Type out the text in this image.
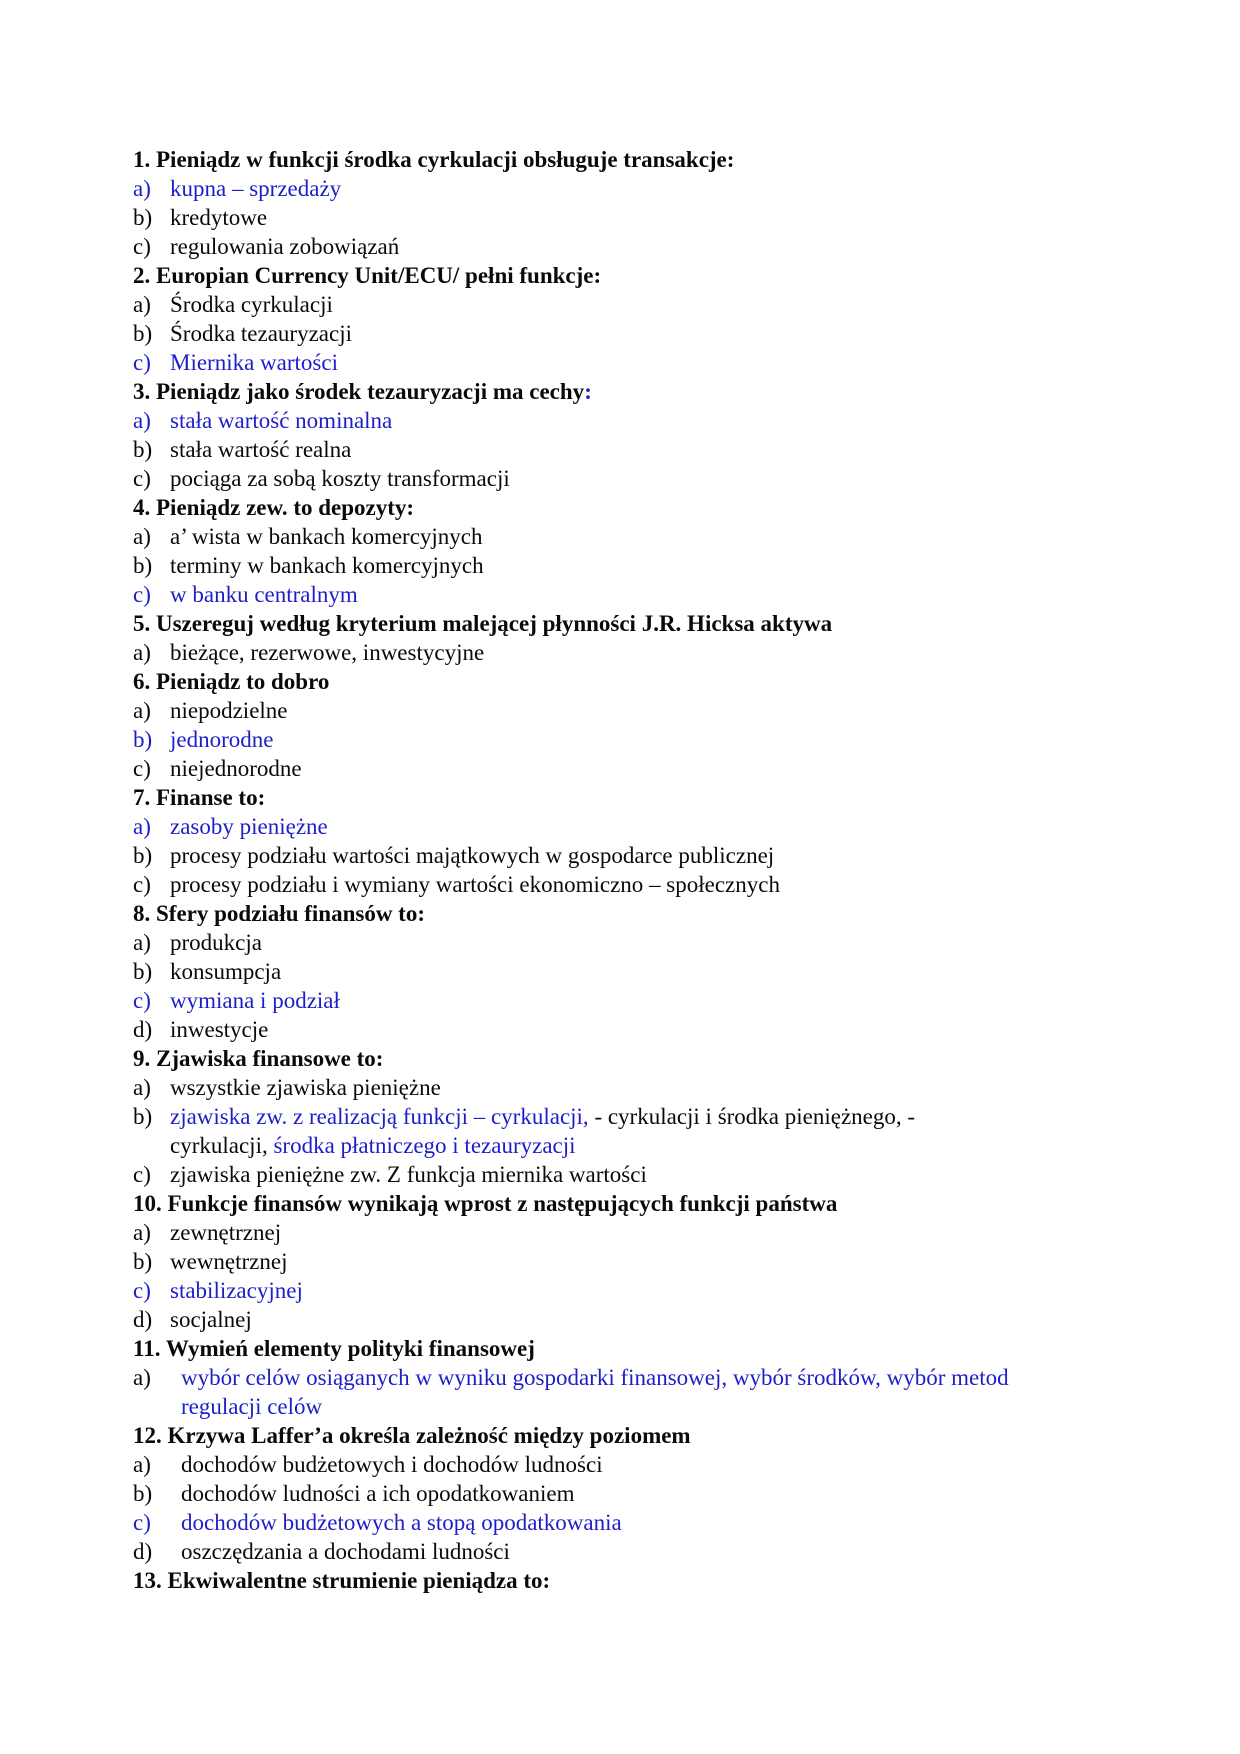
1. Pieniądz w funkcji środka cyrkulacji obsługuje transakcje:
a) kupna – sprzedaży
b) kredytowe
c) regulowania zobowiązań
2. Europian Currency Unit/ECU/ pełni funkcje:
a) Środka cyrkulacji
b) Środka tezauryzacji
c) Miernika wartości
3. Pieniądz jako środek tezauryzacji ma cechy:
a) stała wartość nominalna
b) stała wartość realna
c) pociąga za sobą koszty transformacji
4. Pieniądz zew. to depozyty:
a) a’ wista w bankach komercyjnych
b) terminy w bankach komercyjnych
c) w banku centralnym
5. Uszereguj według kryterium malejącej płynności J.R. Hicksa aktywa
a) bieżące, rezerwowe, inwestycyjne
6. Pieniądz to dobro
a) niepodzielne
b) jednorodne
c) niejednorodne
7. Finanse to:
a) zasoby pieniężne
b) procesy podziału wartości majątkowych w gospodarce publicznej
c) procesy podziału i wymiany wartości ekonomiczno – społecznych
8. Sfery podziału finansów to:
a) produkcja
b) konsumpcja
c) wymiana i podział
d) inwestycje
9. Zjawiska finansowe to:
a) wszystkie zjawiska pieniężne
b) zjawiska zw. z realizacją funkcji – cyrkulacji, - cyrkulacji i środka pieniężnego, -
cyrkulacji, środka płatniczego i tezauryzacji
c) zjawiska pieniężne zw. Z funkcja miernika wartości
10. Funkcje finansów wynikają wprost z następujących funkcji państwa
a) zewnętrznej
b) wewnętrznej
c) stabilizacyjnej
d) socjalnej
11. Wymień elementy polityki finansowej
a)	wybór celów osiąganych w wyniku gospodarki finansowej, wybór środków, wybór metod
regulacji celów
12. Krzywa Laffer’a określa zależność między poziomem
a)	dochodów budżetowych i dochodów ludności
b)	dochodów ludności a ich opodatkowaniem
c)	dochodów budżetowych a stopą opodatkowania
d)	oszczędzania a dochodami ludności
13. Ekwiwalentne strumienie pieniądza to:
